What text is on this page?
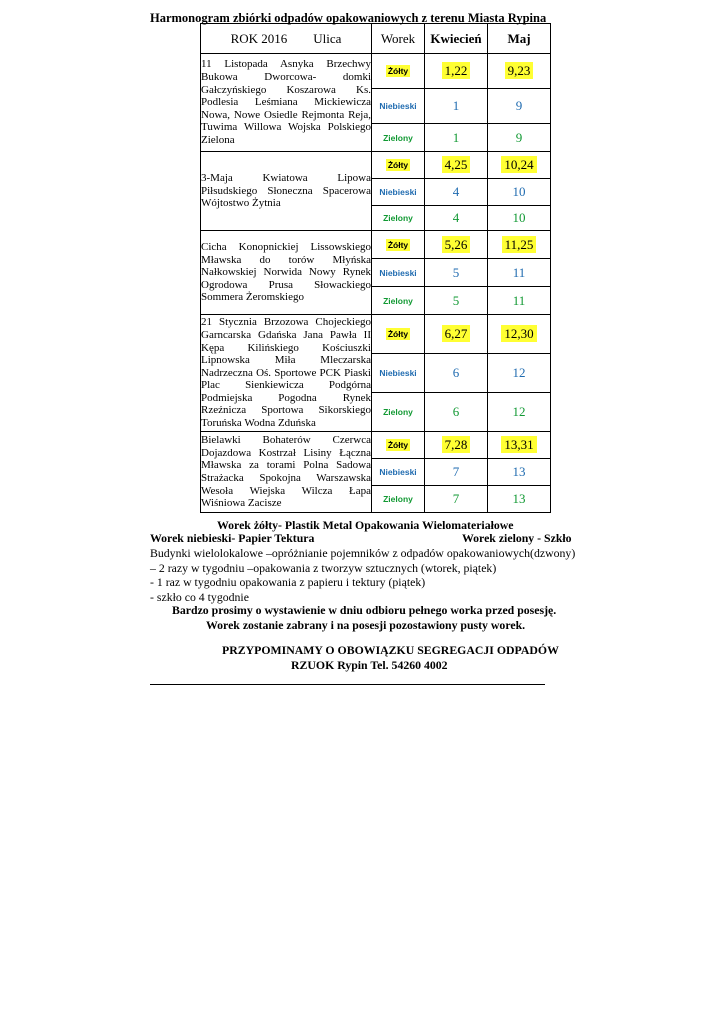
Harmonogram zbiórki odpadów opakowaniowych z terenu Miasta Rypina
ROK 2016 Ulica	Worek	Kwiecień	Maj
11 Listopada Asnyka Brzechwy Bukowa Dworcowa- domki Gałczyńskiego Koszarowa Ks. Podlesia Leśmiana Mickiewicza Nowa, Nowe Osiedle Rejmonta Reja, Tuwima Willowa Wojska Polskiego Zielona	Żółty	1,22	9,23
	Niebieski	1	9
	Zielony	1	9
3-Maja Kwiatowa Lipowa Piłsudskiego Słoneczna Spacerowa Wójtostwo Żytnia	Żółty	4,25	10,24
	Niebieski	4	10
	Zielony	4	10
Cicha Konopnickiej Lissowskiego Mławska do torów Młyńska Nałkowskiej Norwida Nowy Rynek Ogrodowa Prusa Słowackiego Sommera Żeromskiego	Żółty	5,26	11,25
	Niebieski	5	11
	Zielony	5	11
21 Stycznia Brzozowa Chojeckiego Garncarska Gdańska Jana Pawła II Kępa Kilińskiego Kościuszki Lipnowska Miła Mleczarska Nadrzeczna Oś. Sportowe PCK Piaski Plac Sienkiewicza Podgórna Podmiejska Pogodna Rynek Rzeźnicza Sportowa Sikorskiego Toruńska Wodna Zduńska	Żółty	6,27	12,30
	Niebieski	6	12
	Zielony	6	12
Bielawki Bohaterów Czerwca Dojazdowa Kostrzał Lisiny Łączna Mławska za torami Polna Sadowa Strażacka Spokojna Warszawska Wesoła Wiejska Wilcza Łapa Wiśniowa Zacisze	Żółty	7,28	13,31
	Niebieski	7	13
	Zielony	7	13
Worek żółty- Plastik Metal Opakowania Wielomateriałowe
Worek niebieski- Papier Tektura	Worek zielony - Szkło
Budynki wielolokalowe –opróżnianie pojemników z odpadów opakowaniowych(dzwony)
– 2 razy w tygodniu –opakowania z tworzyw sztucznych (wtorek, piątek)
- 1 raz w tygodniu opakowania z papieru i tektury (piątek)
- szkło co 4 tygodnie
Bardzo prosimy o wystawienie w dniu odbioru pełnego worka przed posesję.
Worek zostanie zabrany i na posesji pozostawiony pusty worek.
PRZYPOMINAMY O OBOWIĄZKU SEGREGACJI ODPADÓW
RZUOK Rypin Tel. 54260 4002
